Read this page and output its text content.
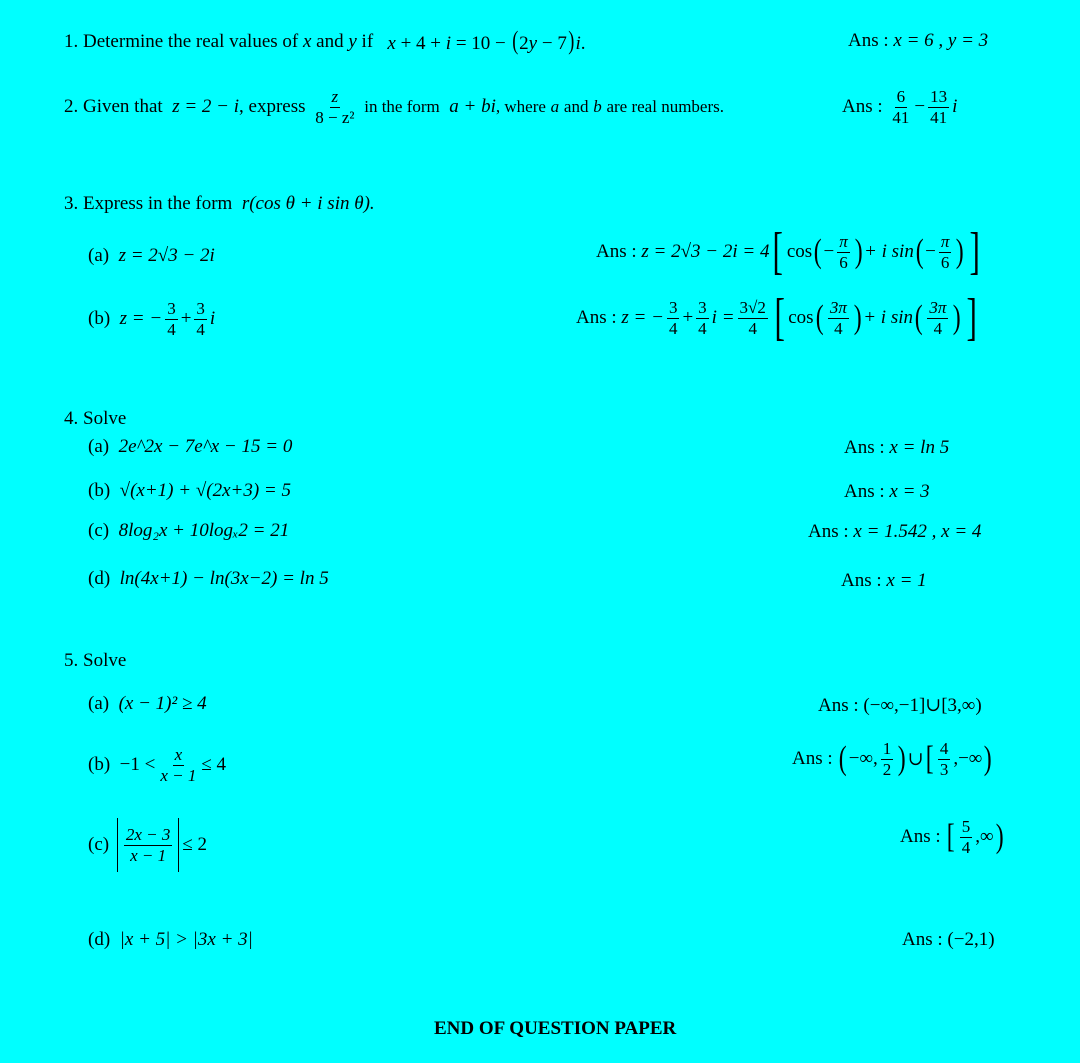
1. Determine the real values of
x
and
y
if
x + 4 + i = 10 − (2y − 7)i.	Ans :
x = 6 , y = 3
2. Given that
z = 2 − i , express
$\frac{z}{\text{8 − z²}}$
in the form
a + bi , where
a
and
b
are real numbers.	Ans :
$\frac{6}{41} - \frac{13}{41}$ i
3. Express in the form
r(cos θ + i sin θ).
(a)
z = 2√3 − 2i	Ans :
z = 2√3 − 2i = 4 [ cos ( − $\frac{\pi}{6}$ ) + i sin ( − $\frac{\pi}{6}$ ) ]
(b)
z = − $\frac{3}{4} + \frac{3}{4}$ i	Ans :
z = − $\frac{3}{4} + \frac{3}{4}$ $i = \frac{3√2}{4}$ [ cos ( $\frac{3\pi}{4}$ ) + i sin ( $\frac{3\pi}{4}$ ) ]
4. Solve
(a)
2e^2x − 7e^x − 15 = 0	Ans :
x = ln 5
(b)
√(x+1) + √(2x+3) = 5	Ans :
x = 3
(c)
8log₂x + 10logₓ2 = 21	Ans :
x = 1.542 , x = 4
(d)
ln(4x+1) − ln(3x−2) = ln 5	Ans :
x = 1
5. Solve
(a)
(x − 1)² ≥ 4	Ans :
(−∞,−1]∪[3,∞)
(b)
$-1 < \frac{x}{x - 1} \le 4$	Ans :
( −∞, $\frac{1}{2}$ ) ∪ [ $\frac{4}{3}$ ,−∞ )
(c)
$\frac{2x - 3}{x - 1} \le 2$	Ans :
[ $\frac{5}{4}$ ,∞ )
(d)
|x + 5| > |3x + 3|	Ans :
(−2,1)
END OF QUESTION PAPER
